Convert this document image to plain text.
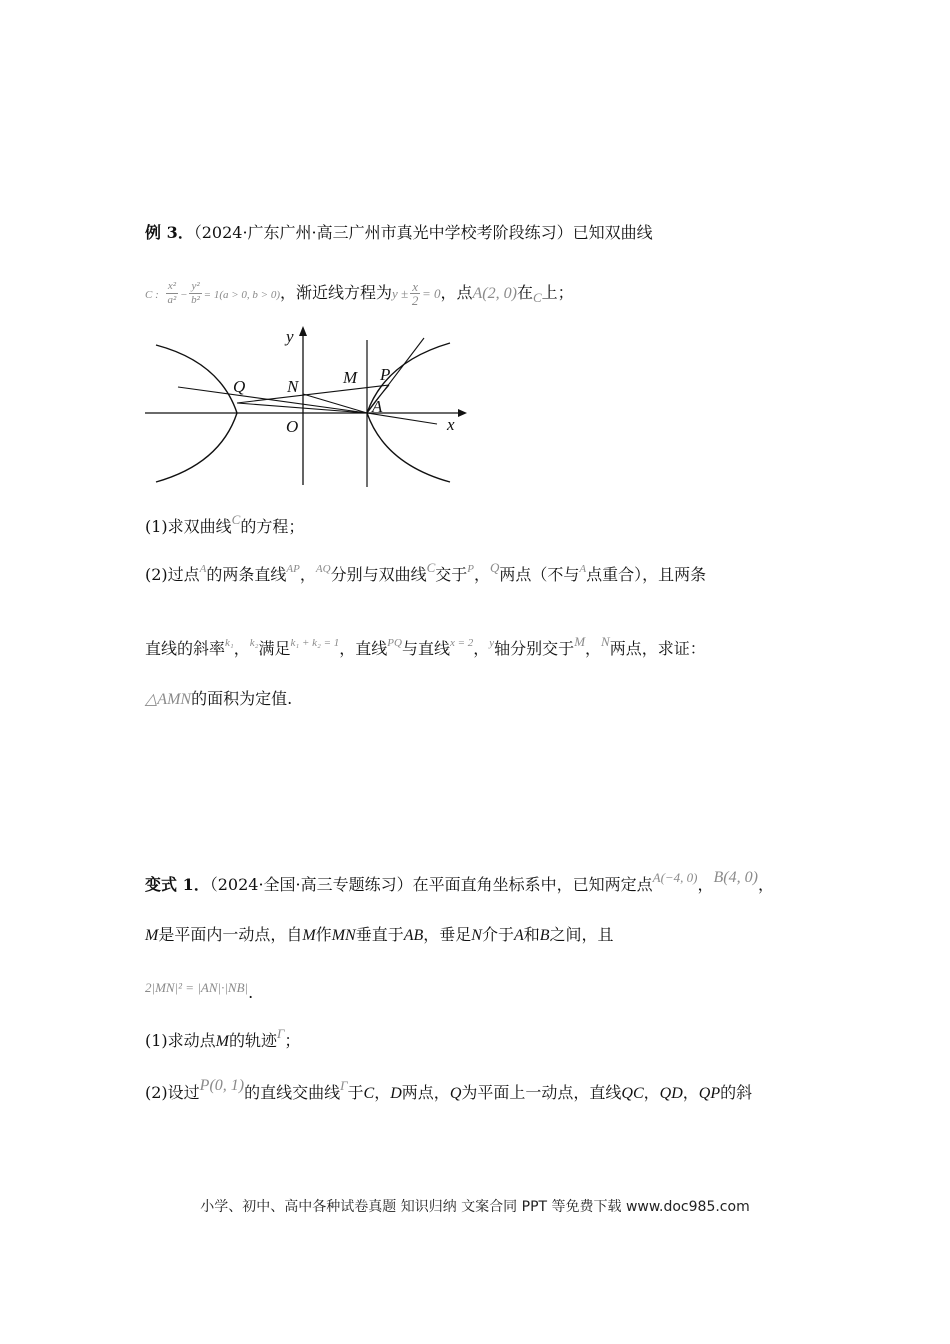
例 3．（2024·广东广州·高三广州市真光中学校考阶段练习）已知双曲线
C : $\frac{\text{x²}}{\text{a²}} - \frac{\text{y²}}{\text{b²}} = 1(a > 0$, b > 0)，渐近线方程为$y \pm \frac{x}{2} = 0$，点A(2, 0)在$_C$上；
y
x
O
N	M P
Q
A
(1)求双曲线$^C$的方程；
(2)过点$^A$的两条直线$^{AP}$，$^{AQ}$分别与双曲线$^C$交于$^P$，$^Q$两点（不与$^A$点重合），且两条
直线的斜率$^{k_1}$，$^{k_2}$满足$^{k_1 + k_2 = 1}$，直线$^{PQ}$与直线$^{x = 2}$，$^y$轴分别交于$^M$，$^N$两点，求证：
△AMN的面积为定值.
变式 1．（2024·全国·高三专题练习）在平面直角坐标系中，已知两定点$^{A(-4, 0)}$，B(4, 0)，
M是平面内一动点，自M作MN垂直于AB，垂足N介于A和B之间，且
2|MN|² = |AN|·|NB|.
(1)求动点M的轨迹$^\Gamma$；
(2)设过P(0, 1)的直线交曲线$^\Gamma$于C，D两点，Q为平面上一动点，直线QC，QD，QP的斜
小学、初中、高中各种试卷真题 知识归纳 文案合同 PPT 等免费下载 www.doc985.com
